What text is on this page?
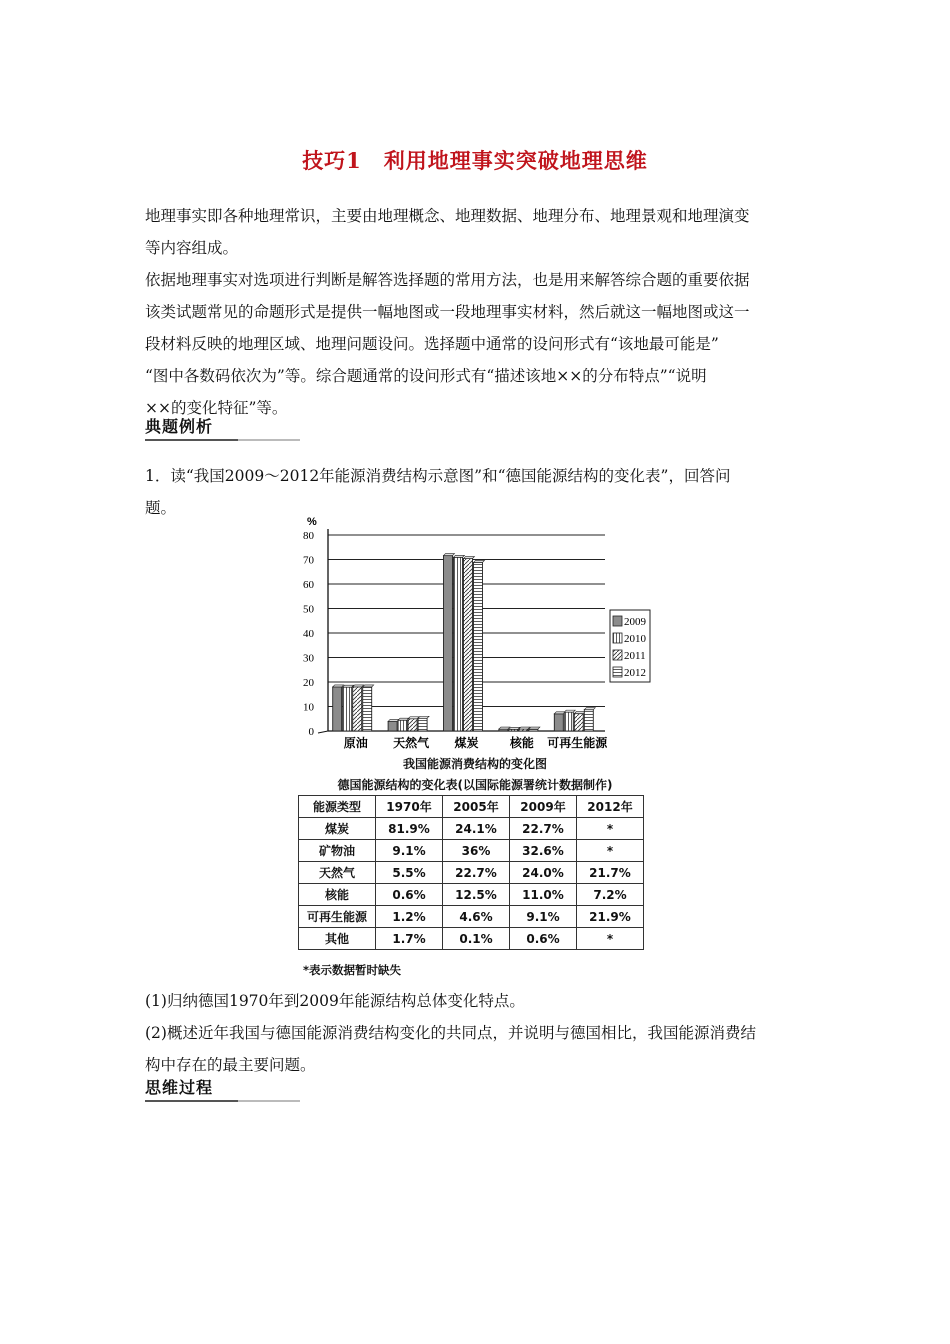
技巧1　利用地理事实突破地理思维
地理事实即各种地理常识，主要由地理概念、地理数据、地理分布、地理景观和地理演变
等内容组成。
依据地理事实对选项进行判断是解答选择题的常用方法，也是用来解答综合题的重要依据
该类试题常见的命题形式是提供一幅地图或一段地理事实材料，然后就这一幅地图或这一
段材料反映的地理区域、地理问题设问。选择题中通常的设问形式有“该地最可能是”
“图中各数码依次为”等。综合题通常的设问形式有“描述该地××的分布特点”“说明
××的变化特征”等。
典题例析
1．读“我国2009～2012年能源消费结构示意图”和“德国能源结构的变化表”，回答问
题。
%
0
10
20
30
40
50
60
70
80
原油 天然气 煤炭	核能 可再生能源
2009
2010
2011
2012
我国能源消费结构的变化图
德国能源结构的变化表(以国际能源署统计数据制作)
能源类型	1970年	2005年	2009年	2012年
煤炭	81.9%	24.1%	22.7%	*
矿物油	9.1%	36%	32.6%	*
天然气	5.5%	22.7%	24.0%	21.7%
核能	0.6%	12.5%	11.0%	7.2%
可再生能源	1.2%	4.6%	9.1%	21.9%
其他	1.7%	0.1%	0.6%	*
*表示数据暂时缺失
(1)归纳德国1970年到2009年能源结构总体变化特点。
(2)概述近年我国与德国能源消费结构变化的共同点，并说明与德国相比，我国能源消费结
构中存在的最主要问题。
思维过程
